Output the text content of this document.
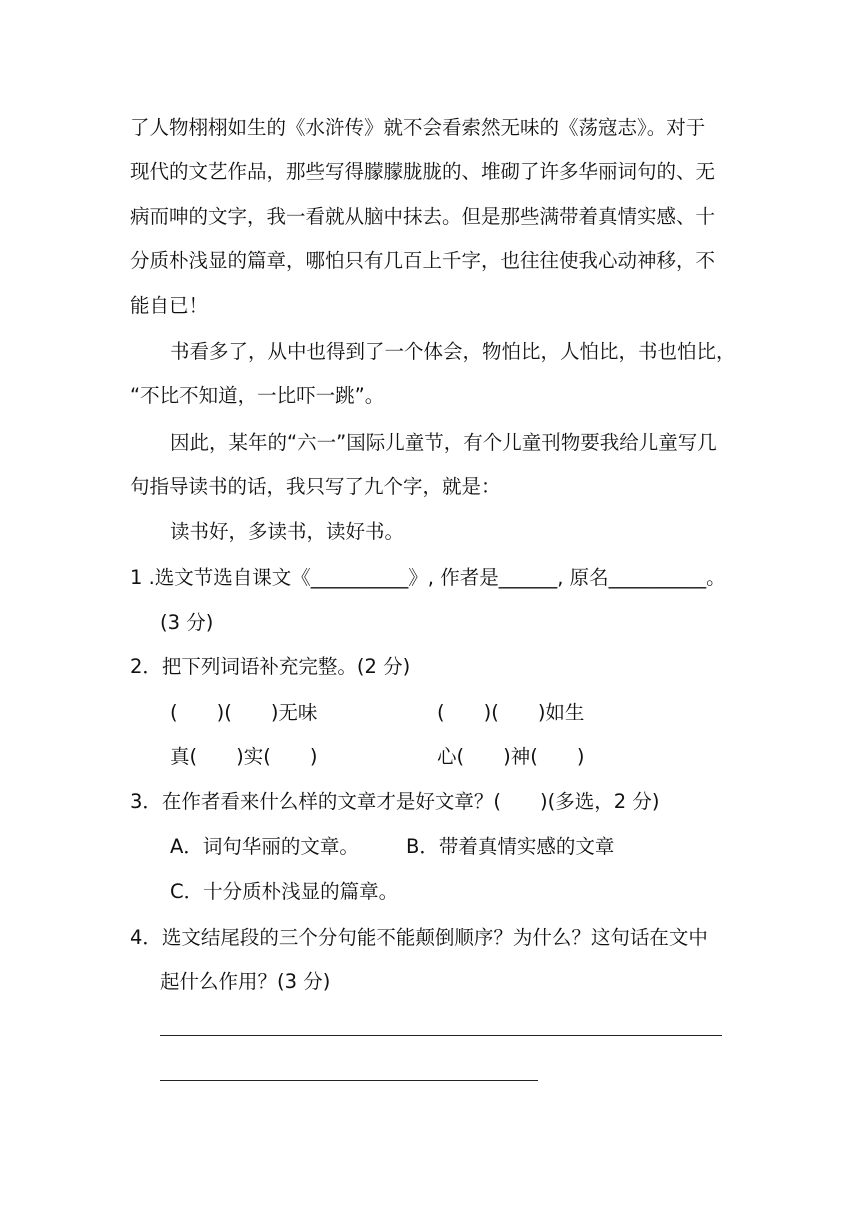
了人物栩栩如生的《水浒传》就不会看索然无味的《荡寇志》。对于
现代的文艺作品，那些写得朦朦胧胧的、堆砌了许多华丽词句的、无
病而呻的文字，我一看就从脑中抹去。但是那些满带着真情实感、十
分质朴浅显的篇章，哪怕只有几百上千字，也往往使我心动神移，不
能自已！
书看多了，从中也得到了一个体会，物怕比，人怕比，书也怕比，
“不比不知道，一比吓一跳”。
因此，某年的“六一”国际儿童节，有个儿童刊物要我给儿童写几
句指导读书的话，我只写了九个字，就是：
读书好，多读书，读好书。
1 .选文节选自课文《__________》, 作者是______, 原名__________。
(3 分)
2．把下列词语补充完整。(2 分)
(　　)(　　)无味	(　　)(　　)如生
真(　　)实(　　)	心(　　)神(　　)
3．在作者看来什么样的文章才是好文章？(　　)(多选，2 分)
A．词句华丽的文章。 B．带着真情实感的文章
C．十分质朴浅显的篇章。
4．选文结尾段的三个分句能不能颠倒顺序？为什么？这句话在文中
起什么作用？(3 分)
